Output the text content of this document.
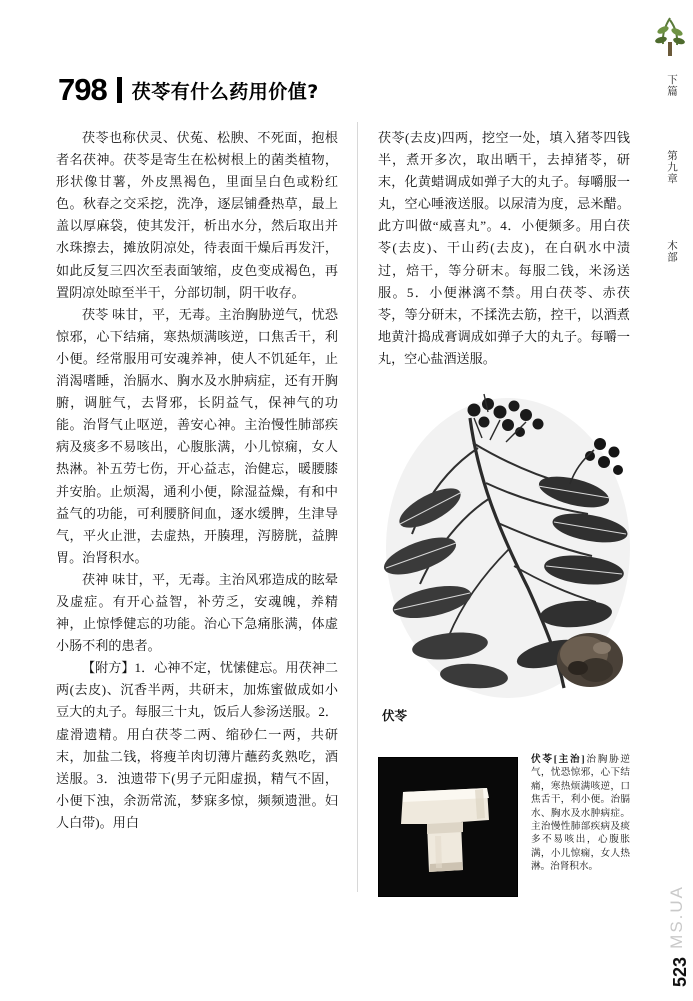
798 茯苓有什么药用价值?

茯苓也称伏灵、伏菟、松腴、不死面，抱根者名茯神。茯苓是寄生在松树根上的菌类植物，形状像甘薯，外皮黑褐色，里面呈白色或粉红色。秋春之交采挖，洗净，逐层铺叠热草，最上盖以厚麻袋，使其发汗，析出水分，然后取出并水珠擦去，摊放阴凉处，待表面干燥后再发汗，如此反复三四次至表面皱缩，皮色变成褐色，再置阴凉处晾至半干，分部切制，阴干收存。

茯苓 味甘，平，无毒。主治胸胁逆气，忧恐惊邪，心下结痛，寒热烦满咳逆，口焦舌干，利小便。经常服用可安魂养神，使人不饥延年，止消渴嗜睡，治膈水、胸水及水肿病症，还有开胸腑，调脏气，去肾邪，长阴益气，保神气的功能。治肾气止呕逆，善安心神。主治慢性肺部疾病及痰多不易咳出，心腹胀满，小儿惊痫，女人热淋。补五劳七伤，开心益志，治健忘，暖腰膝并安胎。止烦渴，通利小便，除湿益燥，有和中益气的功能，可利腰脐间血，逐水缓脾，生津导气，平火止泄，去虚热，开腠理，泻膀胱，益脾胃。治肾积水。

茯神 味甘，平，无毒。主治风邪造成的眩晕及虚症。有开心益智，补劳乏，安魂魄，养精神，止惊悸健忘的功能。治心下急痛胀满，体虚小肠不利的患者。

【附方】1．心神不定，忧愫健忘。用茯神二两(去皮)、沉香半两，共研末，加炼蜜做成如小豆大的丸子。每服三十丸，饭后人参汤送服。2．虚滑遗精。用白茯苓二两、缩砂仁一两，共研末，加盐二钱，将瘦羊肉切薄片蘸药炙熟吃，酒送服。3．浊遗带下(男子元阳虚损，精气不固，小便下浊，余沥常流，梦寐多惊，频频遗泄。妇人白带)。用白

茯苓(去皮)四两，挖空一处，填入猪苓四钱半，煮开多次，取出晒干，去掉猪苓，研末，化黄蜡调成如弹子大的丸子。每嚼服一丸，空心唾液送服。以尿清为度，忌米醋。此方叫做“威喜丸”。4．小便频多。用白茯苓(去皮)、干山药(去皮)，在白矾水中渍过，焙干，等分研末。每服二钱，米汤送服。5．小便淋漓不禁。用白茯苓、赤茯苓，等分研末，不揉洗去筋，控干，以酒煮地黄汁捣成膏调成如弹子大的丸子。每嚼一丸，空心盐酒送服。

伏苓
伏苓[主治]治胸胁逆气，忧恐惊邪，心下结痛，寒热烦满咳逆，口焦舌干，利小便。治膈水、胸水及水肿病症。主治慢性肺部疾病及痰多不易咳出，心腹胀满，小儿惊痫，女人热淋。治肾积水。
下篇
第九章
木部
MS.UA
523
